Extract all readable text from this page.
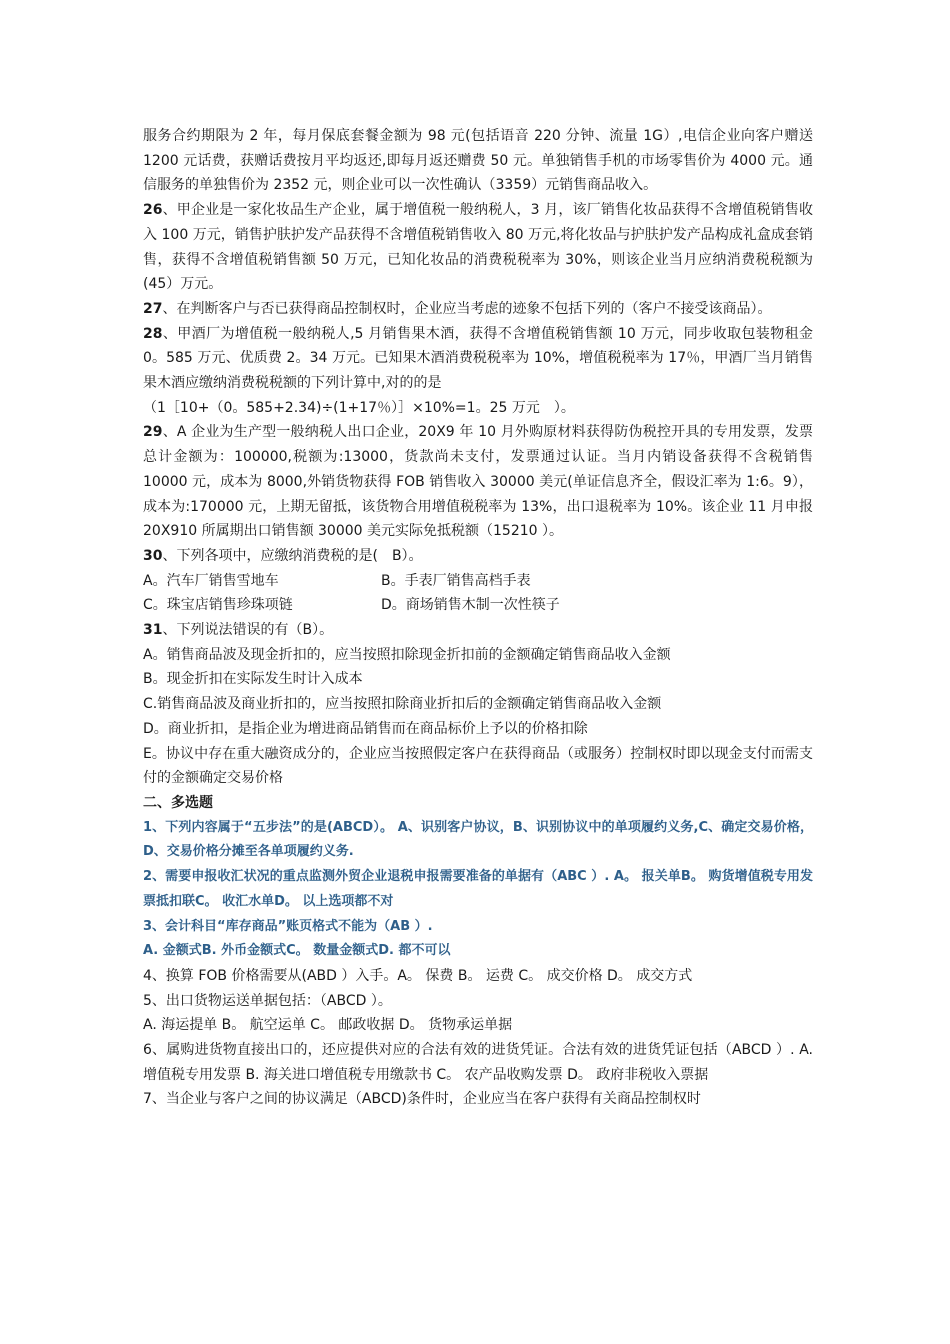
服务合约期限为 2 年，每月保底套餐金额为 98 元(包括语音 220 分钟、流量 1G）,电信企业向客户赠送 1200 元话费，获赠话费按月平均返还,即每月返还赠费 50 元。单独销售手机的市场零售价为 4000 元。通信服务的单独售价为 2352 元，则企业可以一次性确认（3359）元销售商品收入。

26、甲企业是一家化妆品生产企业，属于增值税一般纳税人，3 月，该厂销售化妆品获得不含增值税销售收入 100 万元，销售护肤护发产品获得不含增值税销售收入 80 万元,将化妆品与护肤护发产品构成礼盒成套销售，获得不含增值税销售额 50 万元，已知化妆品的消费税税率为 30%，则该企业当月应纳消费税税额为(45）万元。

27、在判断客户与否已获得商品控制权时，企业应当考虑的迹象不包括下列的（客户不接受该商品）。

28、甲酒厂为增值税一般纳税人,5 月销售果木酒，获得不含增值税销售额 10 万元，同步收取包装物租金 0。585 万元、优质费 2。34 万元。已知果木酒消费税税率为 10%，增值税税率为 17％，甲酒厂当月销售果木酒应缴纳消费税税额的下列计算中,对的的是

（1［10+（0。585+2.34)÷(1+17％）］×10%=1。25 万元　）。

29、A 企业为生产型一般纳税人出口企业，20X9 年 10 月外购原材料获得防伪税控开具的专用发票，发票总计金额为：100000,税额为:13000，货款尚未支付，发票通过认证。当月内销设备获得不含税销售 10000 元，成本为 8000,外销货物获得 FOB 销售收入 30000 美元(单证信息齐全，假设汇率为 1:6。9），成本为:170000 元，上期无留抵，该货物合用增值税税率为 13%，出口退税率为 10%。该企业 11 月申报 20X910 所属期出口销售额 30000 美元实际免抵税额（15210 ）。

30、下列各项中，应缴纳消费税的是(　B）。

A。汽车厂销售雪地车	B。手表厂销售高档手表
C。珠宝店销售珍珠项链	D。商场销售木制一次性筷子

31、下列说法错误的有（B）。

A。销售商品波及现金折扣的，应当按照扣除现金折扣前的金额确定销售商品收入金额

B。现金折扣在实际发生时计入成本

C.销售商品波及商业折扣的，应当按照扣除商业折扣后的金额确定销售商品收入金额

D。商业折扣，是指企业为增进商品销售而在商品标价上予以的价格扣除

E。协议中存在重大融资成分的，企业应当按照假定客户在获得商品（或服务）控制权时即以现金支付而需支付的金额确定交易价格

二、多选题

1、下列内容属于“五步法”的是(ABCD）。 A、识别客户协议，B、识别协议中的单项履约义务,C、确定交易价格，D、交易价格分摊至各单项履约义务.

2、需要申报收汇状况的重点监测外贸企业退税申报需要准备的单据有（ABC ）. A。 报关单B。 购货增值税专用发票抵扣联C。 收汇水单D。 以上选项都不对

3、会计科目“库存商品”账页格式不能为（AB ）.

A. 金额式B. 外币金额式C。 数量金额式D. 都不可以

4、换算 FOB 价格需要从(ABD ）入手。A。 保费 B。 运费 C。 成交价格 D。 成交方式

5、出口货物运送单据包括：（ABCD ）。

A. 海运提单 B。 航空运单 C。 邮政收据 D。 货物承运单据

6、属购进货物直接出口的，还应提供对应的合法有效的进货凭证。合法有效的进货凭证包括（ABCD ）. A. 增值税专用发票 B. 海关进口增值税专用缴款书 C。 农产品收购发票 D。 政府非税收入票据

7、当企业与客户之间的协议满足（ABCD)条件时，企业应当在客户获得有关商品控制权时
